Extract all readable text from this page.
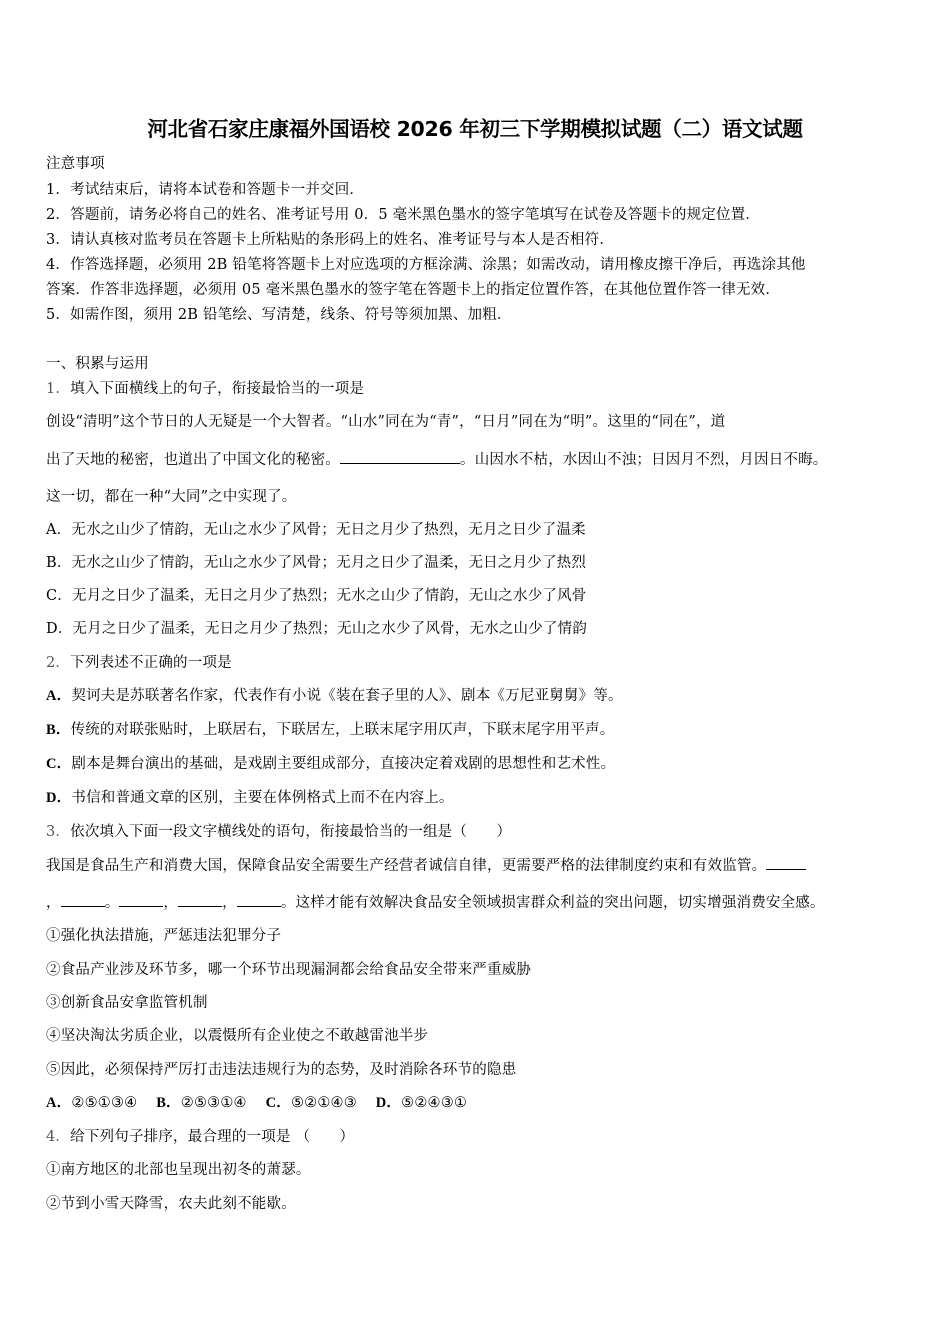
河北省石家庄康福外国语校 2026 年初三下学期模拟试题（二）语文试题
注意事项
1．考试结束后，请将本试卷和答题卡一并交回．
2．答题前，请务必将自己的姓名、准考证号用 0．5 毫米黑色墨水的签字笔填写在试卷及答题卡的规定位置．
3．请认真核对监考员在答题卡上所粘贴的条形码上的姓名、准考证号与本人是否相符．
4．作答选择题，必须用 2B 铅笔将答题卡上对应选项的方框涂满、涂黑；如需改动，请用橡皮擦干净后，再选涂其他
答案．作答非选择题，必须用 05 毫米黑色墨水的签字笔在答题卡上的指定位置作答，在其他位置作答一律无效．
5．如需作图，须用 2B 铅笔绘、写清楚，线条、符号等须加黑、加粗．
一、积累与运用
1．填入下面横线上的句子，衔接最恰当的一项是
创设“清明”这个节日的人无疑是一个大智者。“山水”同在为“青”，“日月”同在为“明”。这里的“同在”，道
出了天地的秘密，也道出了中国文化的秘密。	。山因水不枯，水因山不浊；日因月不烈，月因日不晦。
这一切，都在一种“大同”之中实现了。
A．无水之山少了情韵，无山之水少了风骨；无日之月少了热烈，无月之日少了温柔
B．无水之山少了情韵，无山之水少了风骨；无月之日少了温柔，无日之月少了热烈
C．无月之日少了温柔，无日之月少了热烈；无水之山少了情韵，无山之水少了风骨
D．无月之日少了温柔，无日之月少了热烈；无山之水少了风骨，无水之山少了情韵
2．下列表述不正确的一项是
A．契诃夫是苏联著名作家，代表作有小说《装在套子里的人》、剧本《万尼亚舅舅》等。
B．传统的对联张贴时，上联居右，下联居左，上联末尾字用仄声，下联末尾字用平声。
C．剧本是舞台演出的基础，是戏剧主要组成部分，直接决定着戏剧的思想性和艺术性。
D．书信和普通文章的区别，主要在体例格式上而不在内容上。
3．依次填入下面一段文字横线处的语句，衔接最恰当的一组是（　　）
我国是食品生产和消费大国，保障食品安全需要生产经营者诚信自律，更需要严格的法律制度约束和有效监管。
，	。	，	，	。这样才能有效解决食品安全领域损害群众利益的突出问题，切实增强消费安全感。
①强化执法措施，严惩违法犯罪分子
②食品产业涉及环节多，哪一个环节出现漏洞都会给食品安全带来严重威胁
③创新食品安拿监管机制
④坚决淘汰劣质企业，以震慑所有企业使之不敢越雷池半步
⑤因此，必须保持严厉打击违法违规行为的态势，及时消除各环节的隐患
A．②⑤①③④ B．②⑤③①④ C．⑤②①④③ D．⑤②④③①
4．给下列句子排序，最合理的一项是 （　　）
①南方地区的北部也呈现出初冬的萧瑟。
②节到小雪天降雪，农夫此刻不能歇。
